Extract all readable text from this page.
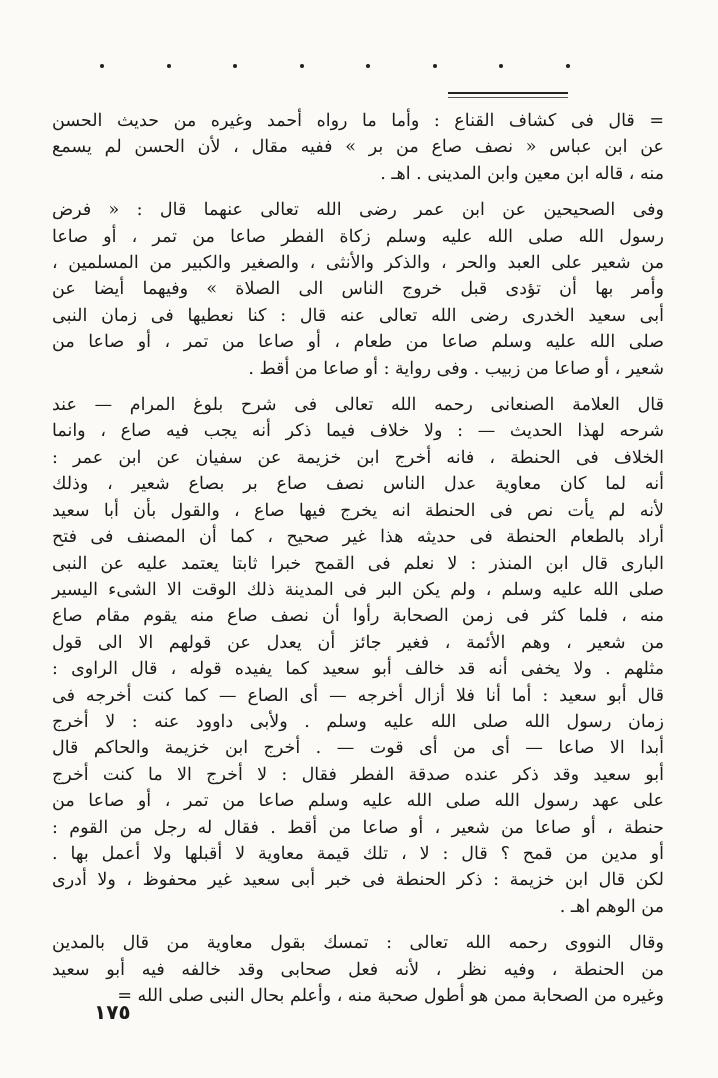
= قال فى كشاف القناع : وأما ما رواه أحمد وغيره من حديث الحسن
عن ابن عباس « نصف صاع من بر » ففيه مقال ، لأن الحسن لم يسمع
منه ، قاله ابن معين وابن المدينى . اهـ .
وفى الصحيحين عن ابن عمر رضى الله تعالى عنهما قال : « فرض
رسول الله صلى الله عليه وسلم زكاة الفطر صاعا من تمر ، أو صاعا
من شعير على العبد والحر ، والذكر والأنثى ، والصغير والكبير من المسلمين ،
وأمر بها أن تؤدى قبل خروج الناس الى الصلاة » وفيهما أيضا عن
أبى سعيد الخدرى رضى الله تعالى عنه قال : كنا نعطيها فى زمان النبى
صلى الله عليه وسلم صاعا من طعام ، أو صاعا من تمر ، أو صاعا من
شعير ، أو صاعا من زبيب . وفى رواية : أو صاعا من أقط .
قال العلامة الصنعانى رحمه الله تعالى فى شرح بلوغ المرام — عند
شرحه لهذا الحديث — : ولا خلاف فيما ذكر أنه يجب فيه صاع ، وانما
الخلاف فى الحنطة ، فانه أخرج ابن خزيمة عن سفيان عن ابن عمر :
أنه لما كان معاوية عدل الناس نصف صاع بر بصاع شعير ، وذلك
لأنه لم يأت نص فى الحنطة انه يخرج فيها صاع ، والقول بأن أبا سعيد
أراد بالطعام الحنطة فى حديثه هذا غير صحيح ، كما أن المصنف فى فتح
البارى قال ابن المنذر : لا نعلم فى القمح خبرا ثابتا يعتمد عليه عن النبى
صلى الله عليه وسلم ، ولم يكن البر فى المدينة ذلك الوقت الا الشىء اليسير
منه ، فلما كثر فى زمن الصحابة رأوا أن نصف صاع منه يقوم مقام صاع
من شعير ، وهم الأئمة ، فغير جائز أن يعدل عن قولهم الا الى قول
مثلهم . ولا يخفى أنه قد خالف أبو سعيد كما يفيده قوله ، قال الراوى :
قال أبو سعيد : أما أنا فلا أزال أخرجه — أى الصاع — كما كنت أخرجه فى
زمان رسول الله صلى الله عليه وسلم . ولأبى داوود عنه : لا أخرج
أبدا الا صاعا — أى من أى قوت — . أخرج ابن خزيمة والحاكم قال
أبو سعيد وقد ذكر عنده صدقة الفطر فقال : لا أخرج الا ما كنت أخرج
على عهد رسول الله صلى الله عليه وسلم صاعا من تمر ، أو صاعا من
حنطة ، أو صاعا من شعير ، أو صاعا من أقط . فقال له رجل من القوم :
أو مدين من قمح ؟ قال : لا ، تلك قيمة معاوية لا أقبلها ولا أعمل بها .
لكن قال ابن خزيمة : ذكر الحنطة فى خبر أبى سعيد غير محفوظ ، ولا أدرى
من الوهم اهـ .
وقال النووى رحمه الله تعالى : تمسك بقول معاوية من قال بالمدين
من الحنطة ، وفيه نظر ، لأنه فعل صحابى وقد خالفه فيه أبو سعيد
وغيره من الصحابة ممن هو أطول صحبة منه ، وأعلم بحال النبى صلى الله =
١٧٥
